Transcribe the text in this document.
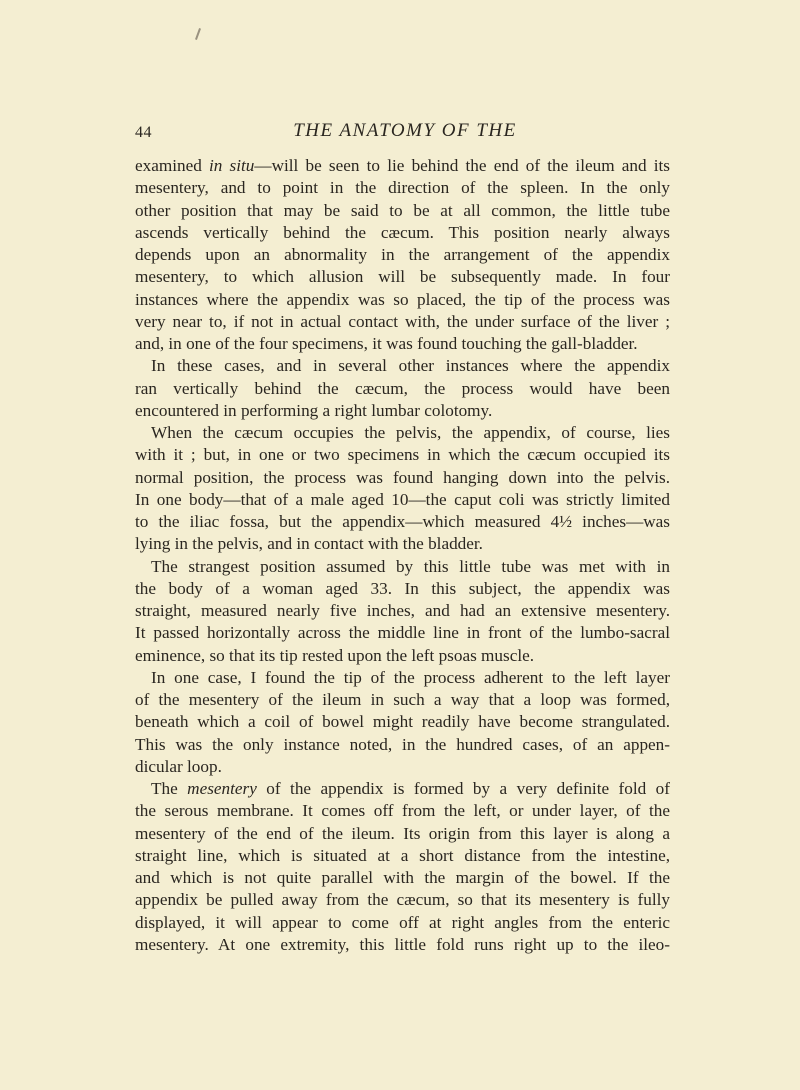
44	THE ANATOMY OF THE
examined in situ—will be seen to lie behind the end of the ileum and its
mesentery, and to point in the direction of the spleen. In the only
other position that may be said to be at all common, the little tube
ascends vertically behind the cæcum. This position nearly always
depends upon an abnormality in the arrangement of the appendix
mesentery, to which allusion will be subsequently made. In four
instances where the appendix was so placed, the tip of the process was
very near to, if not in actual contact with, the under surface of the liver ;
and, in one of the four specimens, it was found touching the gall-bladder.
In these cases, and in several other instances where the appendix
ran vertically behind the cæcum, the process would have been
encountered in performing a right lumbar colotomy.
When the cæcum occupies the pelvis, the appendix, of course, lies
with it ; but, in one or two specimens in which the cæcum occupied its
normal position, the process was found hanging down into the pelvis.
In one body—that of a male aged 10—the caput coli was strictly limited
to the iliac fossa, but the appendix—which measured 4½ inches—was
lying in the pelvis, and in contact with the bladder.
The strangest position assumed by this little tube was met with in
the body of a woman aged 33. In this subject, the appendix was
straight, measured nearly five inches, and had an extensive mesentery.
It passed horizontally across the middle line in front of the lumbo-sacral
eminence, so that its tip rested upon the left psoas muscle.
In one case, I found the tip of the process adherent to the left layer
of the mesentery of the ileum in such a way that a loop was formed,
beneath which a coil of bowel might readily have become strangulated.
This was the only instance noted, in the hundred cases, of an appen-
dicular loop.
The mesentery of the appendix is formed by a very definite fold of
the serous membrane. It comes off from the left, or under layer, of the
mesentery of the end of the ileum. Its origin from this layer is along a
straight line, which is situated at a short distance from the intestine,
and which is not quite parallel with the margin of the bowel. If the
appendix be pulled away from the cæcum, so that its mesentery is fully
displayed, it will appear to come off at right angles from the enteric
mesentery. At one extremity, this little fold runs right up to the ileo-
